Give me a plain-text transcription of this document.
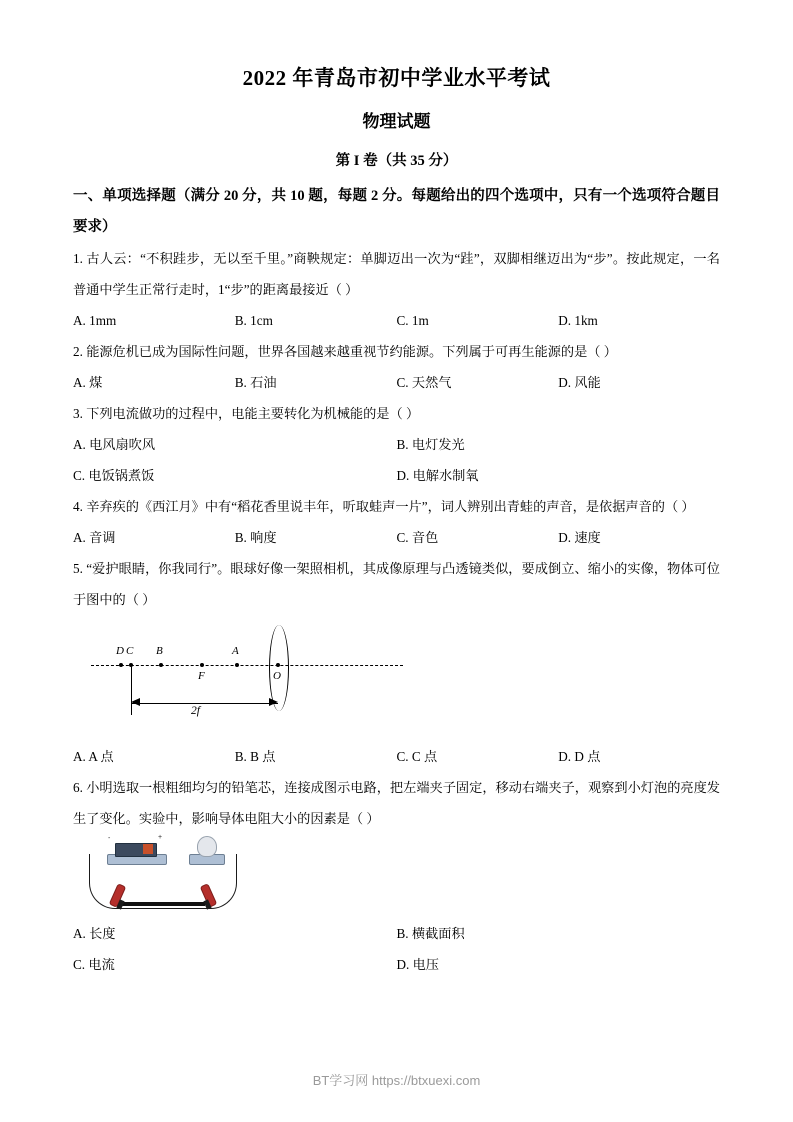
2022 年青岛市初中学业水平考试
物理试题
第 I 卷（共 35 分）
一、单项选择题（满分 20 分，共 10 题，每题 2 分。每题给出的四个选项中，只有一个选项符合题目要求）
1. 古人云：“不积跬步，无以至千里。”商鞅规定：单脚迈出一次为“跬”，双脚相继迈出为“步”。按此规定，一名普通中学生正常行走时，1“步”的距离最接近（ ）
A. 1mm	B. 1cm	C. 1m	D. 1km
2. 能源危机已成为国际性问题，世界各国越来越重视节约能源。下列属于可再生能源的是（ ）
A. 煤	B. 石油	C. 天然气	D. 风能
3. 下列电流做功的过程中，电能主要转化为机械能的是（ ）
A. 电风扇吹风	B. 电灯发光
C. 电饭锅煮饭	D. 电解水制氧
4. 辛弃疾的《西江月》中有“稻花香里说丰年，听取蛙声一片”，词人辨别出青蛙的声音，是依据声音的（ ）
A. 音调	B. 响度	C. 音色	D. 速度
5. “爱护眼睛，你我同行”。眼球好像一架照相机，其成像原理与凸透镜类似，要成倒立、缩小的实像，物体可位于图中的（ ）
D C B
F
A
O
2f
A. A 点	B. B 点	C. C 点	D. D 点
6. 小明选取一根粗细均匀的铅笔芯，连接成图示电路，把左端夹子固定，移动右端夹子，观察到小灯泡的亮度发生了变化。实验中，影响导体电阻大小的因素是（ ）
-	+
A. 长度	B. 横截面积
C. 电流	D. 电压
BT学习网 https://btxuexi.com
